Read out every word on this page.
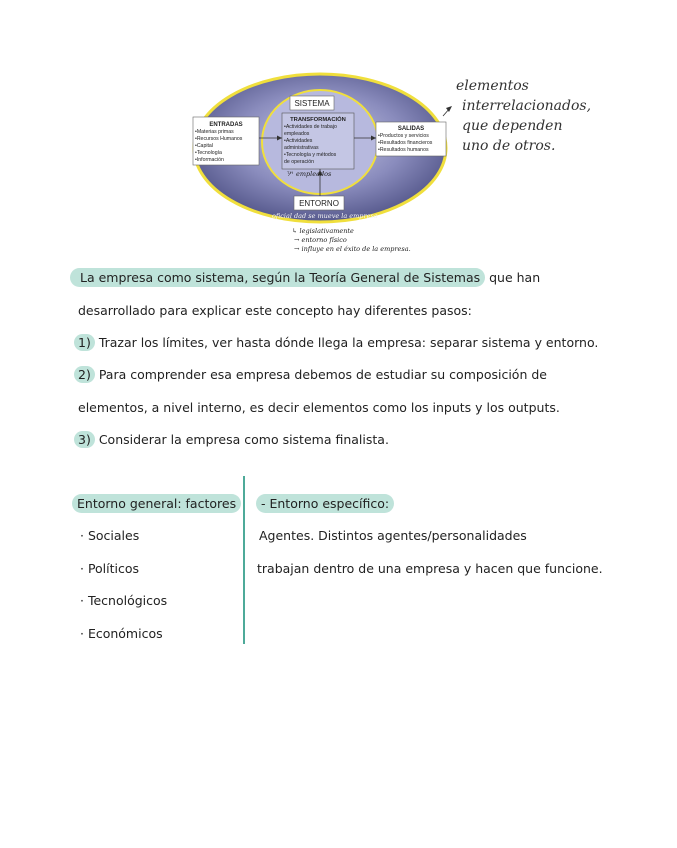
SISTEMA
ENTRADAS
•Materias primas •Recursos Humanos •Capital •Tecnología •Información
TRANSFORMACIÓN
•Actividades de trabajo empleados •Actividades administrativas •Tecnología y métodos de operación
SALIDAS
•Productos y servicios •Resultados financieros •Resultados humanos
empleados
ᵀ⁄ᴴ
ENTORNO
oficial dad se mueve la empresa
↳ legislativamente → entorno físico → influye en el éxito de la empresa.
elementos
interrelacionados,
que dependen
uno de otros.
La empresa como sistema, según la Teoría General de Sistemas que han
desarrollado para explicar este concepto hay diferentes pasos:
1) Trazar los límites, ver hasta dónde llega la empresa: separar sistema y entorno.
2) Para comprender esa empresa debemos de estudiar su composición de
elementos, a nivel interno, es decir elementos como los inputs y los outputs.
3) Considerar la empresa como sistema finalista.
Entorno general: factores
· Sociales
· Políticos
· Tecnológicos
· Económicos
- Entorno específico:
Agentes. Distintos agentes/personalidades
trabajan dentro de una empresa y hacen que funcione.
